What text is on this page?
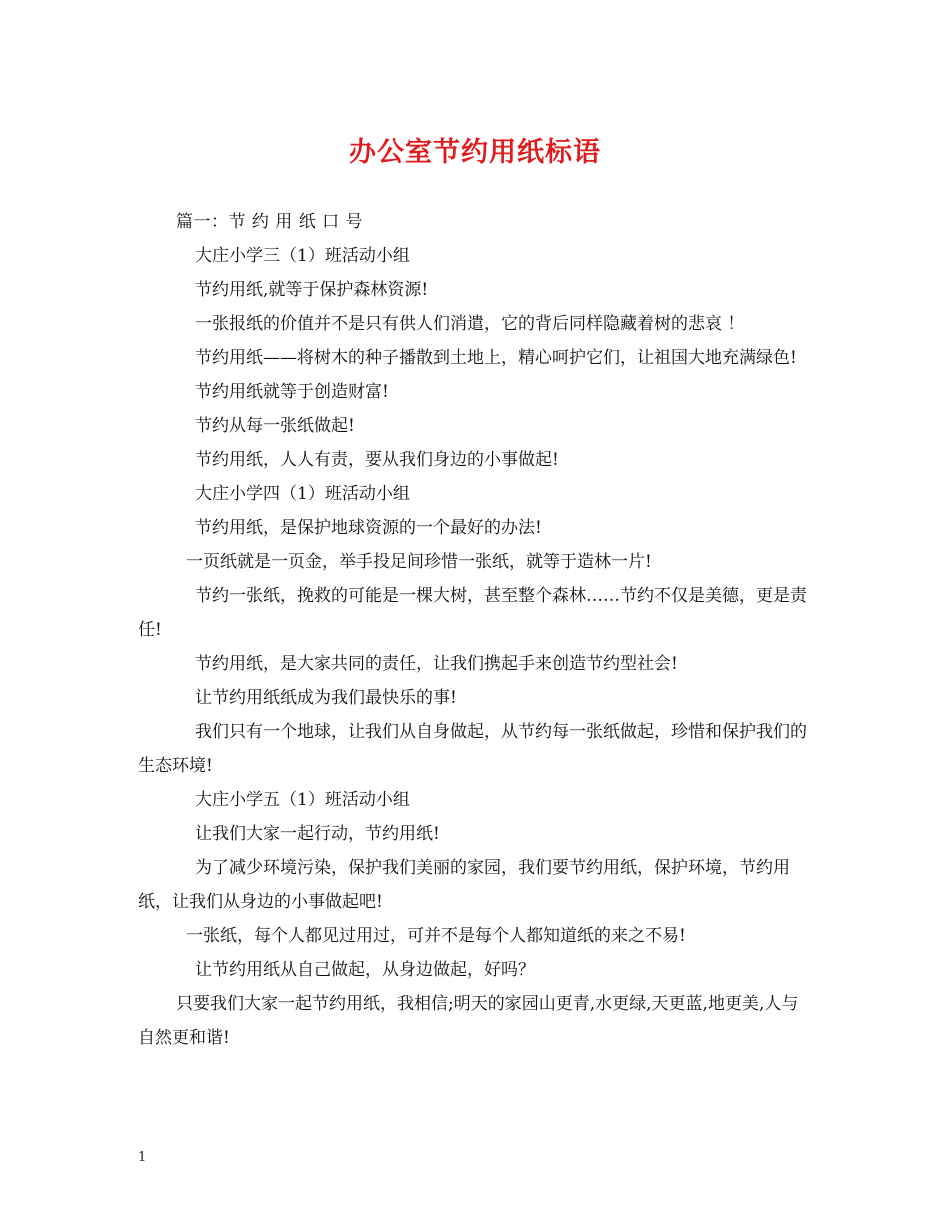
办公室节约用纸标语

篇一：节 约 用 纸 口 号

大庄小学三（1）班活动小组

节约用纸,就等于保护森林资源!

一张报纸的价值并不是只有供人们消遣，它的背后同样隐藏着树的悲哀 ！

节约用纸——将树木的种子播散到土地上，精心呵护它们，让祖国大地充满绿色!

节约用纸就等于创造财富!

节约从每一张纸做起!

节约用纸，人人有责，要从我们身边的小事做起!

大庄小学四（1）班活动小组

节约用纸，是保护地球资源的一个最好的办法!

一页纸就是一页金，举手投足间珍惜一张纸，就等于造林一片!

节约一张纸，挽救的可能是一棵大树，甚至整个森林……节约不仅是美德，更是责任!

节约用纸，是大家共同的责任，让我们携起手来创造节约型社会!

让节约用纸纸成为我们最快乐的事!

我们只有一个地球，让我们从自身做起，从节约每一张纸做起，珍惜和保护我们的生态环境!

大庄小学五（1）班活动小组

让我们大家一起行动，节约用纸!

为了减少环境污染，保护我们美丽的家园，我们要节约用纸，保护环境，节约用纸，让我们从身边的小事做起吧!

一张纸，每个人都见过用过，可并不是每个人都知道纸的来之不易!

让节约用纸从自己做起，从身边做起，好吗？

只要我们大家一起节约用纸，我相信;明天的家园山更青,水更绿,天更蓝,地更美,人与自然更和谐!

1
